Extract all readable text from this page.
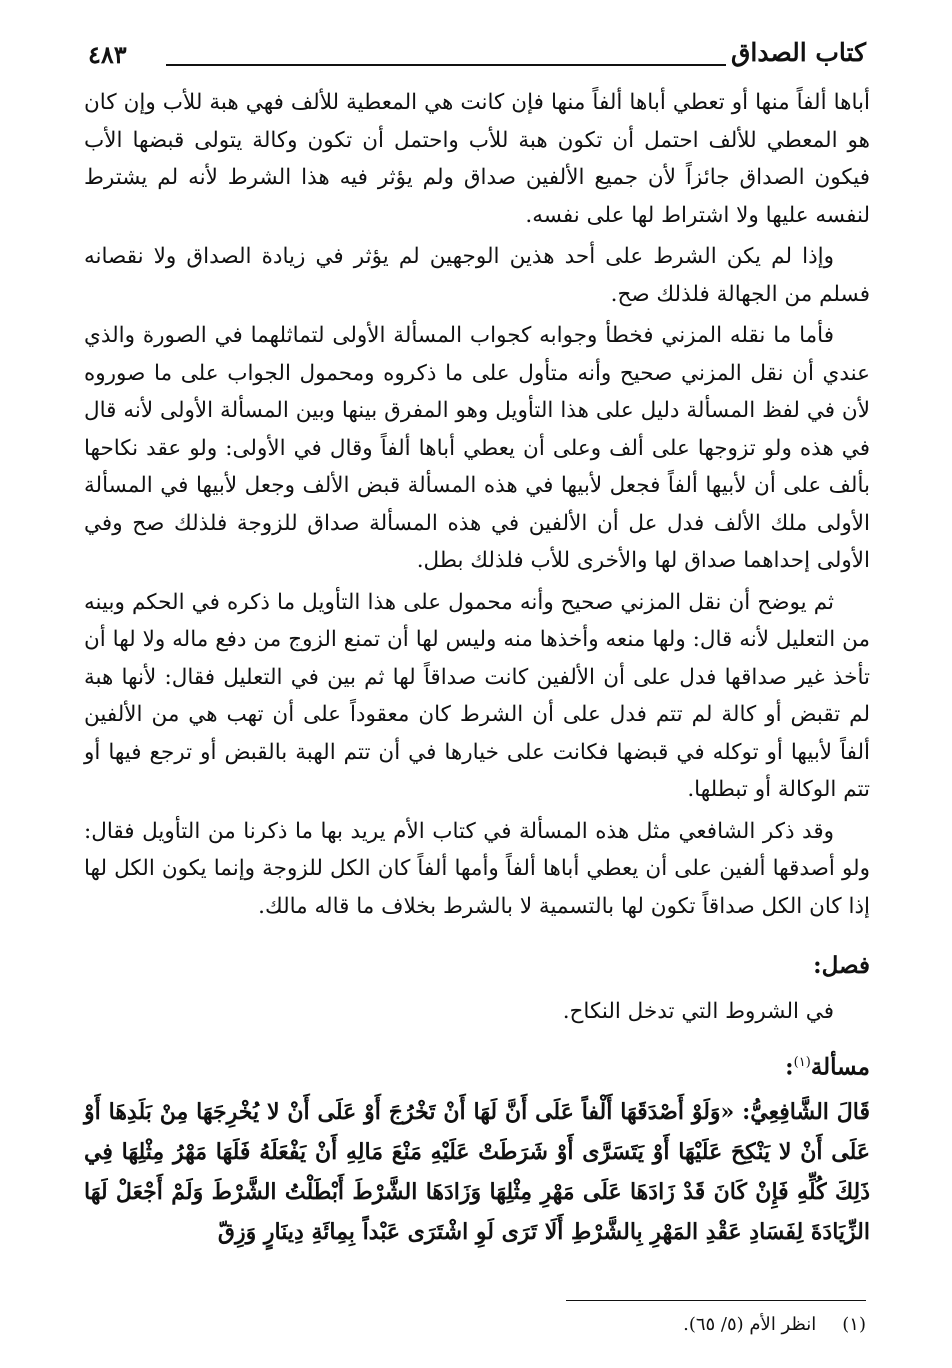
كتاب الصداق
٤٨٣

أباها ألفاً منها أو تعطي أباها ألفاً منها فإن كانت هي المعطية للألف فهي هبة للأب وإن كان هو المعطي للألف احتمل أن تكون هبة للأب واحتمل أن تكون وكالة يتولى قبضها الأب فيكون الصداق جائزاً لأن جميع الألفين صداق ولم يؤثر فيه هذا الشرط لأنه لم يشترط لنفسه عليها ولا اشتراط لها على نفسه.

وإذا لم يكن الشرط على أحد هذين الوجهين لم يؤثر في زيادة الصداق ولا نقصانه فسلم من الجهالة فلذلك صح.

فأما ما نقله المزني فخطأ وجوابه كجواب المسألة الأولى لتماثلهما في الصورة والذي عندي أن نقل المزني صحيح وأنه متأول على ما ذكروه ومحمول الجواب على ما صوروه لأن في لفظ المسألة دليل على هذا التأويل وهو المفرق بينها وبين المسألة الأولى لأنه قال في هذه ولو تزوجها على ألف وعلى أن يعطي أباها ألفاً وقال في الأولى: ولو عقد نكاحها بألف على أن لأبيها ألفاً فجعل لأبيها في هذه المسألة قبض الألف وجعل لأبيها في المسألة الأولى ملك الألف فدل عل أن الألفين في هذه المسألة صداق للزوجة فلذلك صح وفي الأولى إحداهما صداق لها والأخرى للأب فلذلك بطل.

ثم يوضح أن نقل المزني صحيح وأنه محمول على هذا التأويل ما ذكره في الحكم وبينه من التعليل لأنه قال: ولها منعه وأخذها منه وليس لها أن تمنع الزوج من دفع ماله ولا لها أن تأخذ غير صداقها فدل على أن الألفين كانت صداقاً لها ثم بين في التعليل فقال: لأنها هبة لم تقبض أو كالة لم تتم فدل على أن الشرط كان معقوداً على أن تهب هي من الألفين ألفاً لأبيها أو توكله في قبضها فكانت على خيارها في أن تتم الهبة بالقبض أو ترجع فيها أو تتم الوكالة أو تبطلها.

وقد ذكر الشافعي مثل هذه المسألة في كتاب الأم يريد بها ما ذكرنا من التأويل فقال: ولو أصدقها ألفين على أن يعطي أباها ألفاً وأمها ألفاً كان الكل للزوجة وإنما يكون الكل لها إذا كان الكل صداقاً تكون لها بالتسمية لا بالشرط بخلاف ما قاله مالك.

فصل:
في الشروط التي تدخل النكاح.
مسألة$^{(١)}$:

قَالَ الشَّافِعِيُّ: «وَلَوْ أَصْدَقَهَا أَلْفاً عَلَى أَنَّ لَهَا أَنْ تَخْرُجَ أَوْ عَلَى أَنْ لا يُخْرِجَهَا مِنْ بَلَدِهَا أَوْ عَلَى أَنْ لا يَنْكِحَ عَلَيْهَا أَوْ يَتَسَرَّى أَوْ شَرَطَتْ عَلَيْهِ مَنْعَ مَالِهِ أَنْ يَفْعَلَهُ فَلَهَا مَهْرُ مِثْلِهَا فِي ذَلِكَ كُلِّهِ فَإِنْ كَانَ قَدْ زَادَهَا عَلَى مَهْرِ مِثْلِهَا وَزَادَهَا الشَّرْطَ أَبْطَلْتُ الشَّرْطَ وَلَمْ أَجْعَلْ لَهَا الزِّيَادَةَ لِفَسَادِ عَقْدِ المَهْرِ بِالشَّرْطِ أَلَا تَرَى لَوِ اشْتَرَى عَبْداً بِمِائَةِ دِينَارٍ وَزِقّ

(١)انظر الأم (٥/ ٦٥).
